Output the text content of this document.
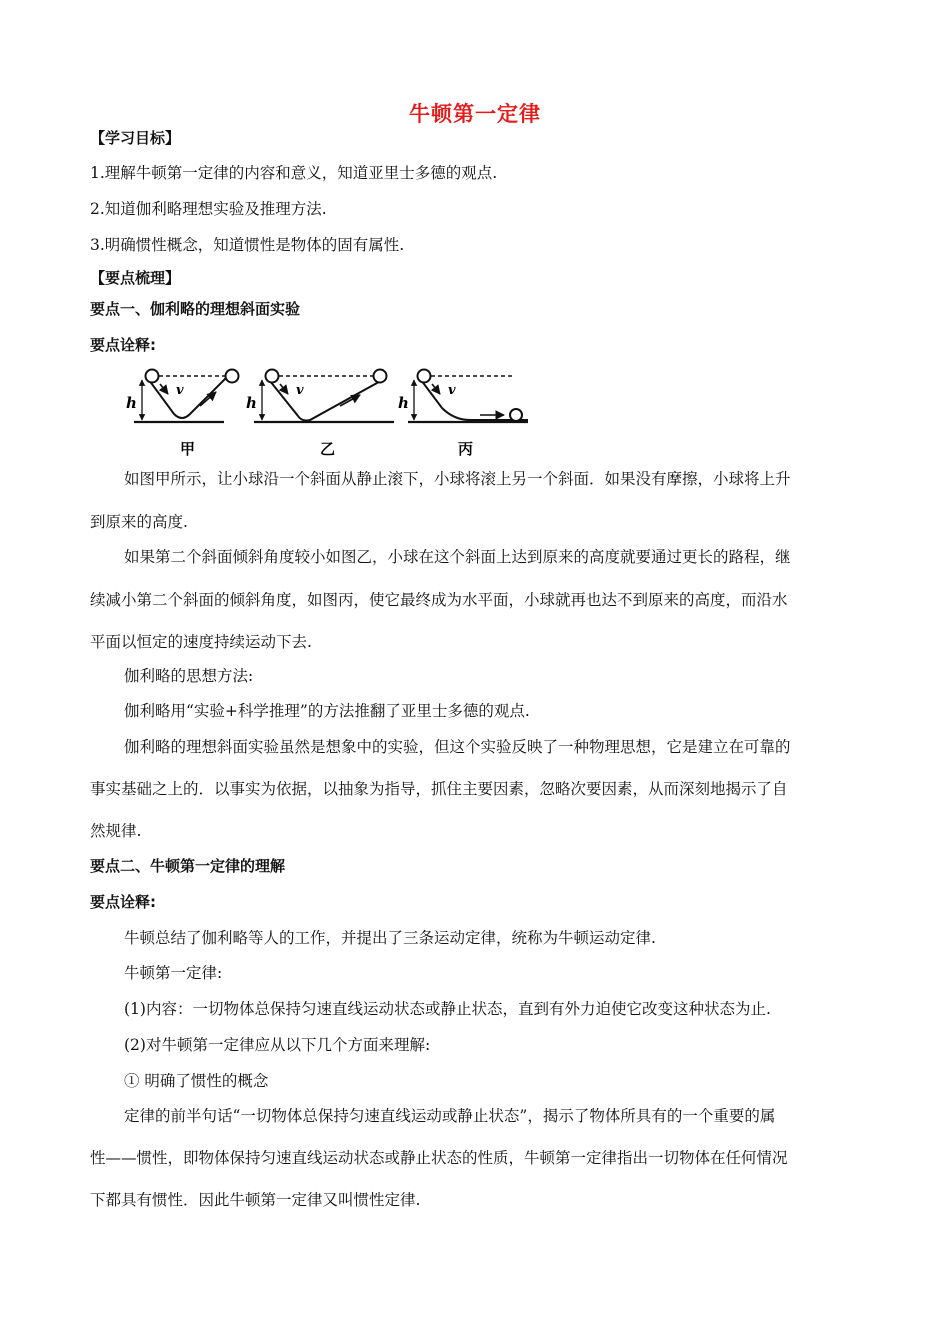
牛顿第一定律
【学习目标】
1.理解牛顿第一定律的内容和意义，知道亚里士多德的观点.
2.知道伽利略理想实验及推理方法.
3.明确惯性概念，知道惯性是物体的固有属性.
【要点梳理】
要点一、伽利略的理想斜面实验
要点诠释:
h	h	h
v	v	v
甲	乙	丙
如图甲所示，让小球沿一个斜面从静止滚下，小球将滚上另一个斜面．如果没有摩擦，小球将上升
到原来的高度.
如果第二个斜面倾斜角度较小如图乙，小球在这个斜面上达到原来的高度就要通过更长的路程，继
续减小第二个斜面的倾斜角度，如图丙，使它最终成为水平面，小球就再也达不到原来的高度，而沿水
平面以恒定的速度持续运动下去.
伽利略的思想方法:
伽利略用“实验+科学推理”的方法推翻了亚里士多德的观点.
伽利略的理想斜面实验虽然是想象中的实验，但这个实验反映了一种物理思想，它是建立在可靠的
事实基础之上的．以事实为依据，以抽象为指导，抓住主要因素，忽略次要因素，从而深刻地揭示了自
然规律.
要点二、牛顿第一定律的理解
要点诠释:
牛顿总结了伽利略等人的工作，并提出了三条运动定律，统称为牛顿运动定律.
牛顿第一定律:
(1)内容：一切物体总保持匀速直线运动状态或静止状态，直到有外力迫使它改变这种状态为止.
(2)对牛顿第一定律应从以下几个方面来理解:
① 明确了惯性的概念
定律的前半句话“一切物体总保持匀速直线运动或静止状态”，揭示了物体所具有的一个重要的属
性——惯性，即物体保持匀速直线运动状态或静止状态的性质，牛顿第一定律指出一切物体在任何情况
下都具有惯性．因此牛顿第一定律又叫惯性定律.
